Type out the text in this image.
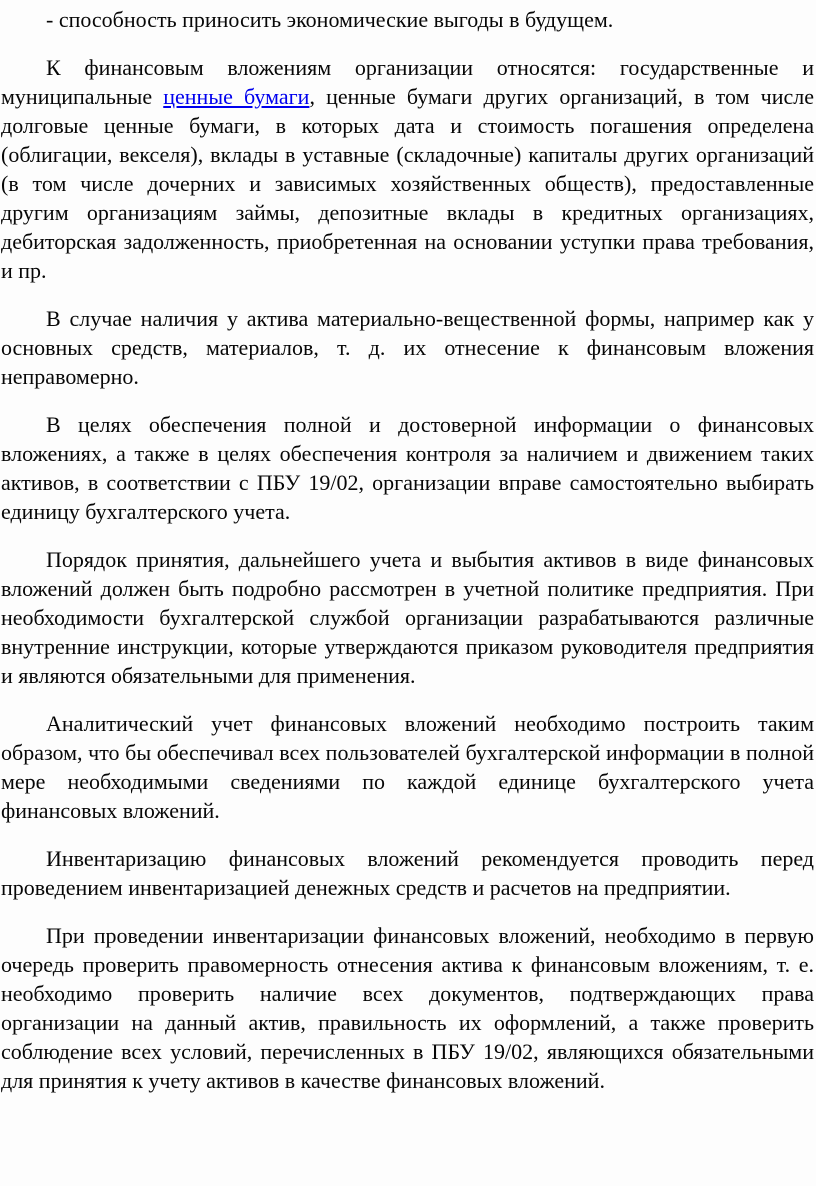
- способность приносить экономические выгоды в будущем.

К финансовым вложениям организации относятся: государственные и муниципальные ценные бумаги, ценные бумаги других организаций, в том числе долговые ценные бумаги, в которых дата и стоимость погашения определена (облигации, векселя), вклады в уставные (складочные) капиталы других организаций (в том числе дочерних и зависимых хозяйственных обществ), предоставленные другим организациям займы, депозитные вклады в кредитных организациях, дебиторская задолженность, приобретенная на основании уступки права требования, и пр.

В случае наличия у актива материально-вещественной формы, например как у основных средств, материалов, т. д. их отнесение к финансовым вложения неправомерно.

В целях обеспечения полной и достоверной информации о финансовых вложениях, а также в целях обеспечения контроля за наличием и движением таких активов, в соответствии с ПБУ 19/02, организации вправе самостоятельно выбирать единицу бухгалтерского учета.

Порядок принятия, дальнейшего учета и выбытия активов в виде финансовых вложений должен быть подробно рассмотрен в учетной политике предприятия. При необходимости бухгалтерской службой организации разрабатываются различные внутренние инструкции, которые утверждаются приказом руководителя предприятия и являются обязательными для применения.

Аналитический учет финансовых вложений необходимо построить таким образом, что бы обеспечивал всех пользователей бухгалтерской информации в полной мере необходимыми сведениями по каждой единице бухгалтерского учета финансовых вложений.

Инвентаризацию финансовых вложений рекомендуется проводить перед проведением инвентаризацией денежных средств и расчетов на предприятии.

При проведении инвентаризации финансовых вложений, необходимо в первую очередь проверить правомерность отнесения актива к финансовым вложениям, т. е. необходимо проверить наличие всех документов, подтверждающих права организации на данный актив, правильность их оформлений, а также проверить соблюдение всех условий, перечисленных в ПБУ 19/02, являющихся обязательными для принятия к учету активов в качестве финансовых вложений.
